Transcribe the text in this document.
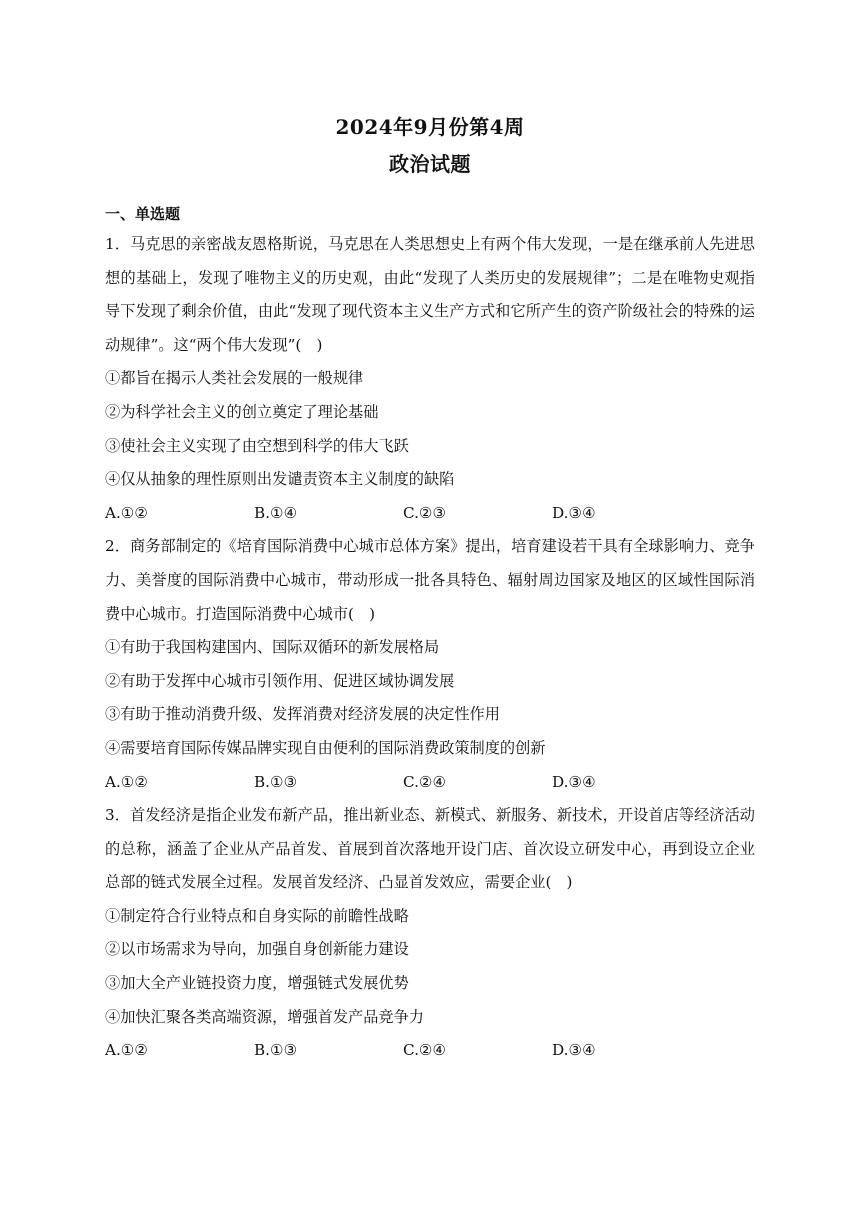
2024年9月份第4周
政治试题
一、单选题

1．马克思的亲密战友恩格斯说，马克思在人类思想史上有两个伟大发现，一是在继承前人先进思想的基础上，发现了唯物主义的历史观，由此“发现了人类历史的发展规律”；二是在唯物史观指导下发现了剩余价值，由此“发现了现代资本主义生产方式和它所产生的资产阶级社会的特殊的运动规律”。这“两个伟大发现”(　)

①都旨在揭示人类社会发展的一般规律

②为科学社会主义的创立奠定了理论基础

③使社会主义实现了由空想到科学的伟大飞跃

④仅从抽象的理性原则出发谴责资本主义制度的缺陷

A.①②	B.①④	C.②③	D.③④

2．商务部制定的《培育国际消费中心城市总体方案》提出，培育建设若干具有全球影响力、竞争力、美誉度的国际消费中心城市，带动形成一批各具特色、辐射周边国家及地区的区域性国际消费中心城市。打造国际消费中心城市(　)

①有助于我国构建国内、国际双循环的新发展格局

②有助于发挥中心城市引领作用、促进区域协调发展

③有助于推动消费升级、发挥消费对经济发展的决定性作用

④需要培育国际传媒品牌实现自由便利的国际消费政策制度的创新

A.①②	B.①③	C.②④	D.③④

3．首发经济是指企业发布新产品，推出新业态、新模式、新服务、新技术，开设首店等经济活动的总称，涵盖了企业从产品首发、首展到首次落地开设门店、首次设立研发中心，再到设立企业总部的链式发展全过程。发展首发经济、凸显首发效应，需要企业(　)

①制定符合行业特点和自身实际的前瞻性战略

②以市场需求为导向，加强自身创新能力建设

③加大全产业链投资力度，增强链式发展优势

④加快汇聚各类高端资源，增强首发产品竞争力

A.①②	B.①③	C.②④	D.③④
